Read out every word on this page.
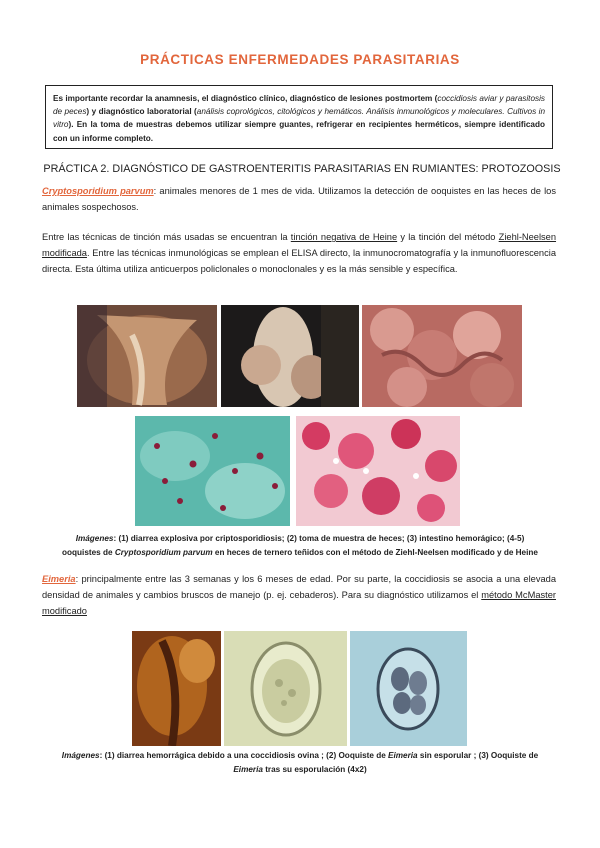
PRÁCTICAS ENFERMEDADES PARASITARIAS
Es importante recordar la anamnesis, el diagnóstico clínico, diagnóstico de lesiones postmortem (coccidiosis aviar y parasitosis de peces) y diagnóstico laboratorial (análisis coprológicos, citológicos y hemáticos. Análisis inmunológicos y moleculares. Cultivos in vitro). En la toma de muestras debemos utilizar siempre guantes, refrigerar en recipientes herméticos, siempre identificado con un informe completo.
PRÁCTICA 2. DIAGNÓSTICO DE GASTROENTERITIS PARASITARIAS EN RUMIANTES: PROTOZOOSIS
Cryptosporidium parvum: animales menores de 1 mes de vida. Utilizamos la detección de ooquistes en las heces de los animales sospechosos.
Entre las técnicas de tinción más usadas se encuentran la tinción negativa de Heine y la tinción del método Ziehl-Neelsen modificada. Entre las técnicas inmunológicas se emplean el ELISA directo, la inmunocromatografía y la inmunofluorescencia directa. Esta última utiliza anticuerpos policlonales o monoclonales y es la más sensible y específica.
Imágenes: (1) diarrea explosiva por criptosporidiosis; (2) toma de muestra de heces; (3) intestino hemorágico; (4-5)
ooquistes de Cryptosporidium parvum en heces de ternero teñidos con el método de Ziehl-Neelsen modificado y de Heine
Eimeria: principalmente entre las 3 semanas y los 6 meses de edad. Por su parte, la coccidiosis se asocia a una elevada densidad de animales y cambios bruscos de manejo (p. ej. cebaderos). Para su diagnóstico utilizamos el método McMaster modificado
Imágenes: (1) diarrea hemorrágica debido a una coccidiosis ovina ; (2) Ooquiste de Eimeria sin esporular ; (3) Ooquiste de
Eimeria tras su esporulación (4x2)
